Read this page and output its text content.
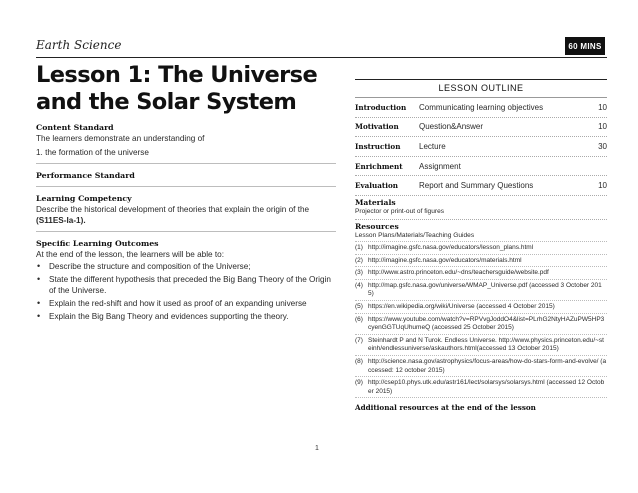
Earth Science	60 MINS
Lesson 1: The Universe
and the Solar System

Content Standard

The learners demonstrate an understanding of

1. the formation of the universe

Performance Standard

Learning Competency

Describe the historical development of theories that explain the origin of the

(S11ES-Ia-1).

Specific Learning Outcomes

At the end of the lesson, the learners will be able to:

• Describe the structure and composition of the Universe;
• State the different hypothesis that preceded the Big Bang Theory of the Origin of the Universe.
• Explain the red-shift and how it used as proof of an expanding universe
• Explain the Big Bang Theory and evidences supporting the theory.
LESSON OUTLINE
Introduction	Communicating learning objectives	10
Motivation	Question&Answer	10
Instruction	Lecture	30
Enrichment	Assignment
Evaluation	Report and Summary Questions	10
Materials
Projector or print-out of figures
Resources
Lesson Plans/Materials/Teaching Guides
(1) http://imagine.gsfc.nasa.gov/educators/lesson_plans.html
(2) http://imagine.gsfc.nasa.gov/educators/materials.html
(3) http://www.astro.princeton.edu/~dns/teachersguide/website.pdf
(4) http://map.gsfc.nasa.gov/universe/WMAP_Universe.pdf (accessed 3 October 2015)
(5) https://en.wikipedia.org/wiki/Universe (accessed 4 October 2015)
(6) https://www.youtube.com/watch?v=RPVvgJoddO4&list=PLrhG2NtyHAZuPW5HP3cyenGGTUqUhumeQ (accessed 25 October 2015)
(7) Steinhardt P and N Turok. Endless Universe. http://www.physics.princeton.edu/~steinh/endlessuniverse/askauthors.html(accessed 13 October 2015)
(8) http://science.nasa.gov/astrophysics/focus-areas/how-do-stars-form-and-evolve/ (accessed: 12 october 2015)
(9) http://csep10.phys.utk.edu/astr161/lect/solarsys/solarsys.html (accessed 12 October 2015)
Additional resources at the end of the lesson
1
